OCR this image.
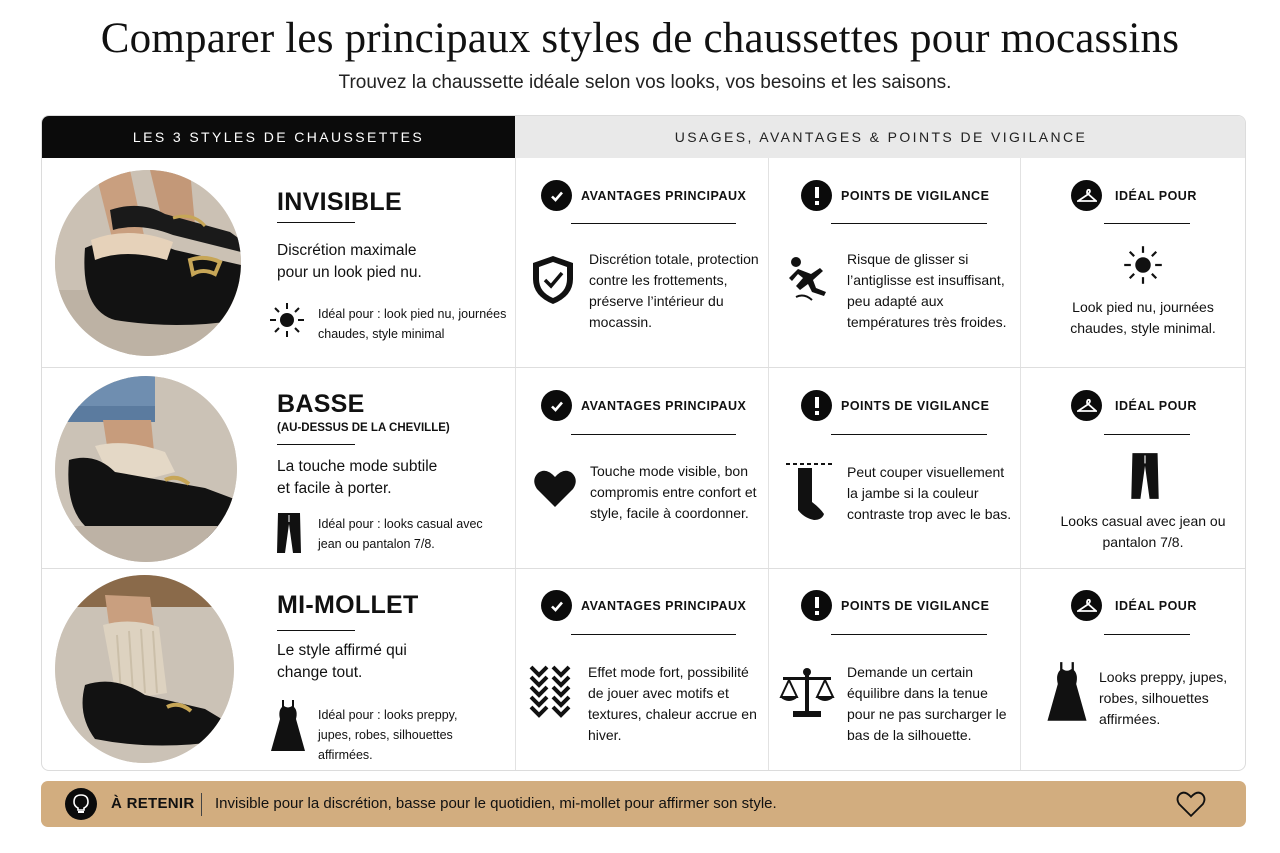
Comparer les principaux styles de chaussettes pour mocassins
Trouvez la chaussette idéale selon vos looks, vos besoins et les saisons.
LES 3 STYLES DE CHAUSSETTES	USAGES, AVANTAGES & POINTS DE VIGILANCE
INVISIBLE
Discrétion maximale pour un look pied nu.
Idéal pour : look pied nu, journées chaudes, style minimal
AVANTAGES PRINCIPAUX
Discrétion totale, protection contre les frottements, préserve l’intérieur du mocassin.
POINTS DE VIGILANCE
Risque de glisser si l’antiglisse est insuffisant, peu adapté aux températures très froides.
IDÉAL POUR
Look pied nu, journées chaudes, style minimal.
BASSE
(AU-DESSUS DE LA CHEVILLE)
La touche mode subtile et facile à porter.
Idéal pour : looks casual avec jean ou pantalon 7/8.
AVANTAGES PRINCIPAUX
Touche mode visible, bon compromis entre confort et style, facile à coordonner.
POINTS DE VIGILANCE
Peut couper visuellement la jambe si la couleur contraste trop avec le bas.
IDÉAL POUR
Looks casual avec jean ou pantalon 7/8.
MI-MOLLET
Le style affirmé qui change tout.
Idéal pour : looks preppy, jupes, robes, silhouettes affirmées.
AVANTAGES PRINCIPAUX
Effet mode fort, possibilité de jouer avec motifs et textures, chaleur accrue en hiver.
POINTS DE VIGILANCE
Demande un certain équilibre dans la tenue pour ne pas surcharger le bas de la silhouette.
IDÉAL POUR
Looks preppy, jupes, robes, silhouettes affirmées.
À RETENIR Invisible pour la discrétion, basse pour le quotidien, mi-mollet pour affirmer son style.
